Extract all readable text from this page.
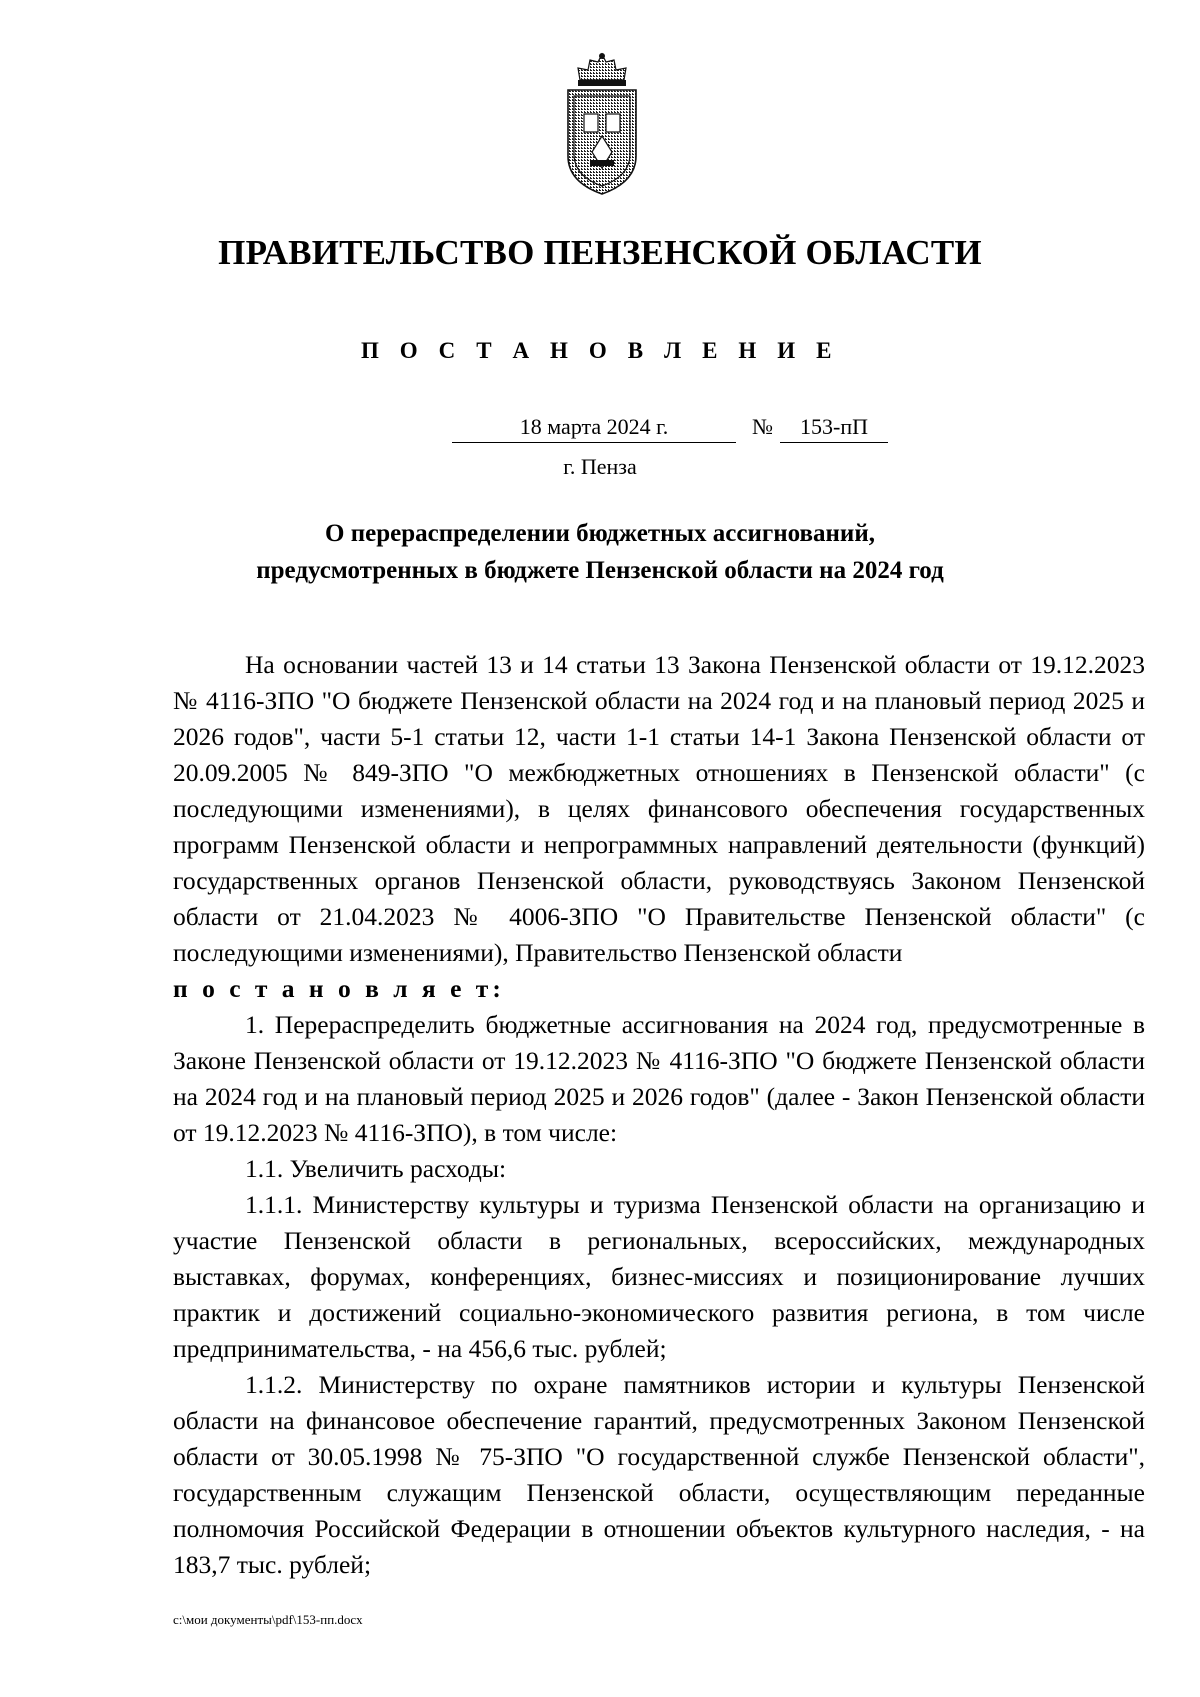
ПРАВИТЕЛЬСТВО ПЕНЗЕНСКОЙ ОБЛАСТИ
П О С Т А Н О В Л Е Н И Е
18 марта 2024 г.	№	153-пП
г. Пенза
О перераспределении бюджетных ассигнований,
предусмотренных в бюджете Пензенской области на 2024 год

На основании частей 13 и 14 статьи 13 Закона Пензенской области от 19.12.2023 № 4116-ЗПО "О бюджете Пензенской области на 2024 год и на плановый период 2025 и 2026 годов", части 5-1 статьи 12, части 1-1 статьи 14-1 Закона Пензенской области от 20.09.2005 № 849-ЗПО "О межбюджетных отношениях в Пензенской области" (с последующими изменениями), в целях финансового обеспечения государственных программ Пензенской области и непрограммных направлений деятельности (функций) государственных органов Пензенской области, руководствуясь Законом Пензенской области от 21.04.2023 № 4006-ЗПО "О Правительстве Пензенской области" (с последующими изменениями), Правительство Пензенской области

п о с т а н о в л я е т:

1. Перераспределить бюджетные ассигнования на 2024 год, предусмотренные в Законе Пензенской области от 19.12.2023 № 4116-ЗПО "О бюджете Пензенской области на 2024 год и на плановый период 2025 и 2026 годов" (далее - Закон Пензенской области от 19.12.2023 № 4116-ЗПО), в том числе:

1.1. Увеличить расходы:

1.1.1. Министерству культуры и туризма Пензенской области на организацию и участие Пензенской области в региональных, всероссийских, международных выставках, форумах, конференциях, бизнес-миссиях и позиционирование лучших практик и достижений социально-экономического развития региона, в том числе предпринимательства, - на 456,6 тыс. рублей;

1.1.2. Министерству по охране памятников истории и культуры Пензенской области на финансовое обеспечение гарантий, предусмотренных Законом Пензенской области от 30.05.1998 № 75-ЗПО "О государственной службе Пензенской области", государственным служащим Пензенской области, осуществляющим переданные полномочия Российской Федерации в отношении объектов культурного наследия, - на 183,7 тыс. рублей;

c:\мои документы\pdf\153-пп.docx
